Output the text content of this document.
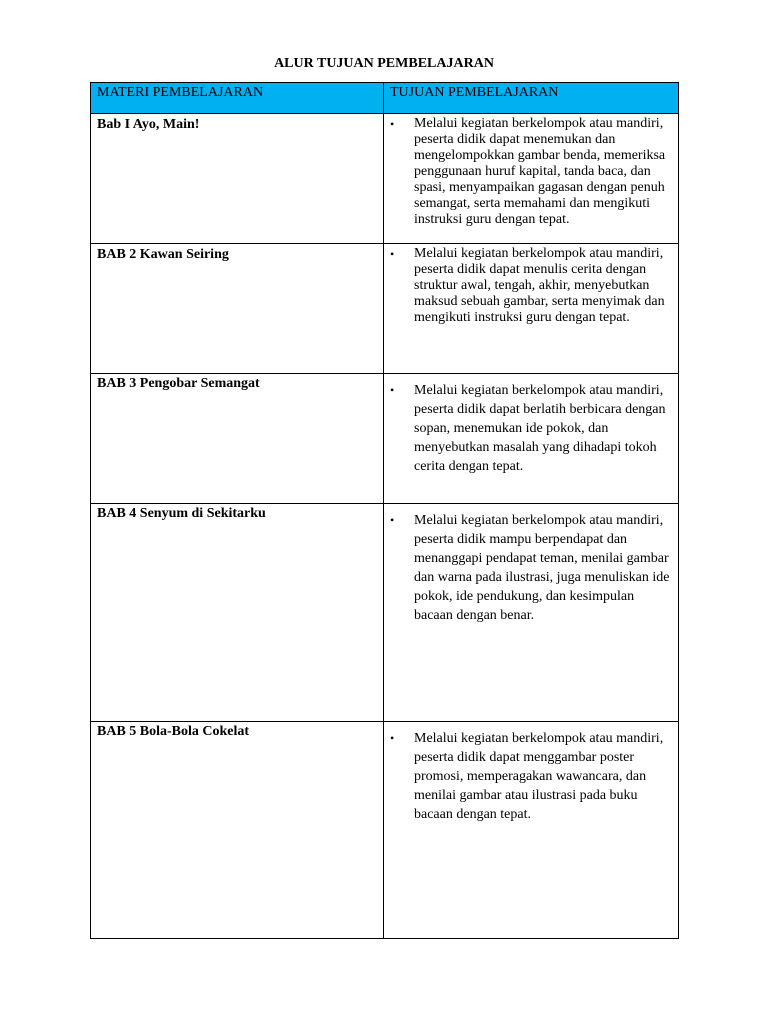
ALUR TUJUAN PEMBELAJARAN
MATERI PEMBELAJARAN	TUJUAN PEMBELAJARAN

Bab I Ayo, Main!	• Melalui kegiatan berkelompok atau mandiri, peserta didik dapat menemukan dan mengelompokkan gambar benda, memeriksa penggunaan huruf kapital, tanda baca, dan spasi, menyampaikan gagasan dengan penuh semangat, serta memahami dan mengikuti instruksi guru dengan tepat.

BAB 2 Kawan Seiring	• Melalui kegiatan berkelompok atau mandiri, peserta didik dapat menulis cerita dengan struktur awal, tengah, akhir, menyebutkan maksud sebuah gambar, serta menyimak dan mengikuti instruksi guru dengan tepat.

BAB 3 Pengobar Semangat	• Melalui kegiatan berkelompok atau mandiri, peserta didik dapat berlatih berbicara dengan sopan, menemukan ide pokok, dan menyebutkan masalah yang dihadapi tokoh cerita dengan tepat.

BAB 4 Senyum di Sekitarku	• Melalui kegiatan berkelompok atau mandiri, peserta didik mampu berpendapat dan menanggapi pendapat teman, menilai gambar dan warna pada ilustrasi, juga menuliskan ide pokok, ide pendukung, dan kesimpulan bacaan dengan benar.

BAB 5 Bola-Bola Cokelat	• Melalui kegiatan berkelompok atau mandiri, peserta didik dapat menggambar poster promosi, memperagakan wawancara, dan menilai gambar atau ilustrasi pada buku bacaan dengan tepat.
